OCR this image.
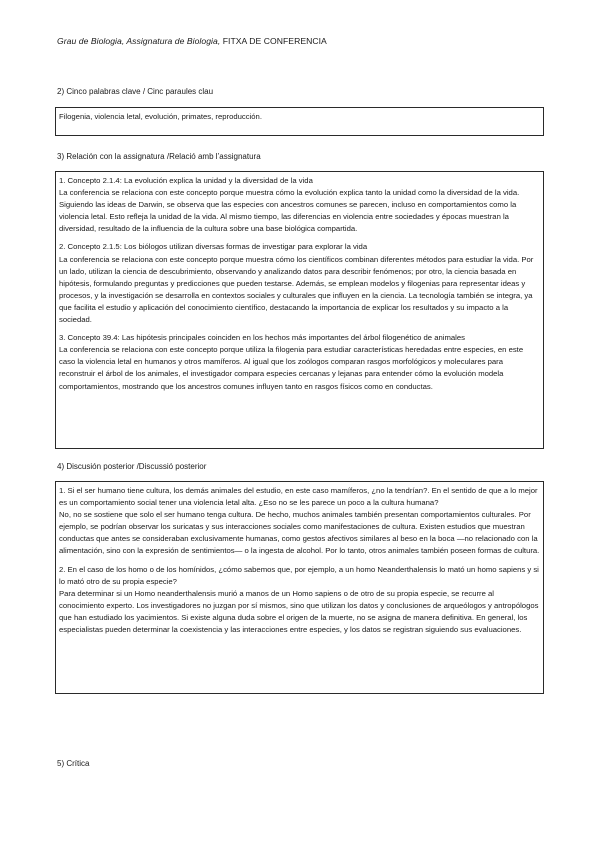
Grau de Biologia, Assignatura de Biologia, FITXA DE CONFERENCIA
2) Cinco palabras clave / Cinc paraules clau

Filogenia, violencia letal, evolución, primates, reproducción.

3) Relación con la assignatura /Relació amb l’assignatura

1. Concepto 2.1.4: La evolución explica la unidad y la diversidad de la vida

La conferencia se relaciona con este concepto porque muestra cómo la evolución explica tanto la unidad como la diversidad de la vida. Siguiendo las ideas de Darwin, se observa que las especies con ancestros comunes se parecen, incluso en comportamientos como la violencia letal. Esto refleja la unidad de la vida. Al mismo tiempo, las diferencias en violencia entre sociedades y épocas muestran la diversidad, resultado de la influencia de la cultura sobre una base biológica compartida.

2. Concepto 2.1.5: Los biólogos utilizan diversas formas de investigar para explorar la vida

La conferencia se relaciona con este concepto porque muestra cómo los científicos combinan diferentes métodos para estudiar la vida. Por un lado, utilizan la ciencia de descubrimiento, observando y analizando datos para describir fenómenos; por otro, la ciencia basada en hipótesis, formulando preguntas y predicciones que pueden testarse. Además, se emplean modelos y filogenias para representar ideas y procesos, y la investigación se desarrolla en contextos sociales y culturales que influyen en la ciencia. La tecnología también se integra, ya que facilita el estudio y aplicación del conocimiento científico, destacando la importancia de explicar los resultados y su impacto a la sociedad.

3. Concepto 39.4: Las hipótesis principales coinciden en los hechos más importantes del árbol filogenético de animales

La conferencia se relaciona con este concepto porque utiliza la filogenia para estudiar características heredadas entre especies, en este caso la violencia letal en humanos y otros mamíferos. Al igual que los zoólogos comparan rasgos morfológicos y moleculares para reconstruir el árbol de los animales, el investigador compara especies cercanas y lejanas para entender cómo la evolución modela comportamientos, mostrando que los ancestros comunes influyen tanto en rasgos físicos como en conductas.

4) Discusión posterior /Discussió posterior

1. Si el ser humano tiene cultura, los demás animales del estudio, en este caso mamíferos, ¿no la tendrían?. En el sentido de que a lo mejor es un comportamiento social tener una violencia letal alta. ¿Eso no se les parece un poco a la cultura humana?

No, no se sostiene que solo el ser humano tenga cultura. De hecho, muchos animales también presentan comportamientos culturales. Por ejemplo, se podrían observar los suricatas y sus interacciones sociales como manifestaciones de cultura. Existen estudios que muestran conductas que antes se consideraban exclusivamente humanas, como gestos afectivos similares al beso en la boca —no relacionado con la alimentación, sino con la expresión de sentimientos— o la ingesta de alcohol. Por lo tanto, otros animales también poseen formas de cultura.

2. En el caso de los homo o de los homínidos, ¿cómo sabemos que, por ejemplo, a un homo Neanderthalensis lo mató un homo sapiens y si lo mató otro de su propia especie?

Para determinar si un Homo neanderthalensis murió a manos de un Homo sapiens o de otro de su propia especie, se recurre al conocimiento experto. Los investigadores no juzgan por sí mismos, sino que utilizan los datos y conclusiones de arqueólogos y antropólogos que han estudiado los yacimientos. Si existe alguna duda sobre el origen de la muerte, no se asigna de manera definitiva. En general, los especialistas pueden determinar la coexistencia y las interacciones entre especies, y los datos se registran siguiendo sus evaluaciones.

5) Crítica
